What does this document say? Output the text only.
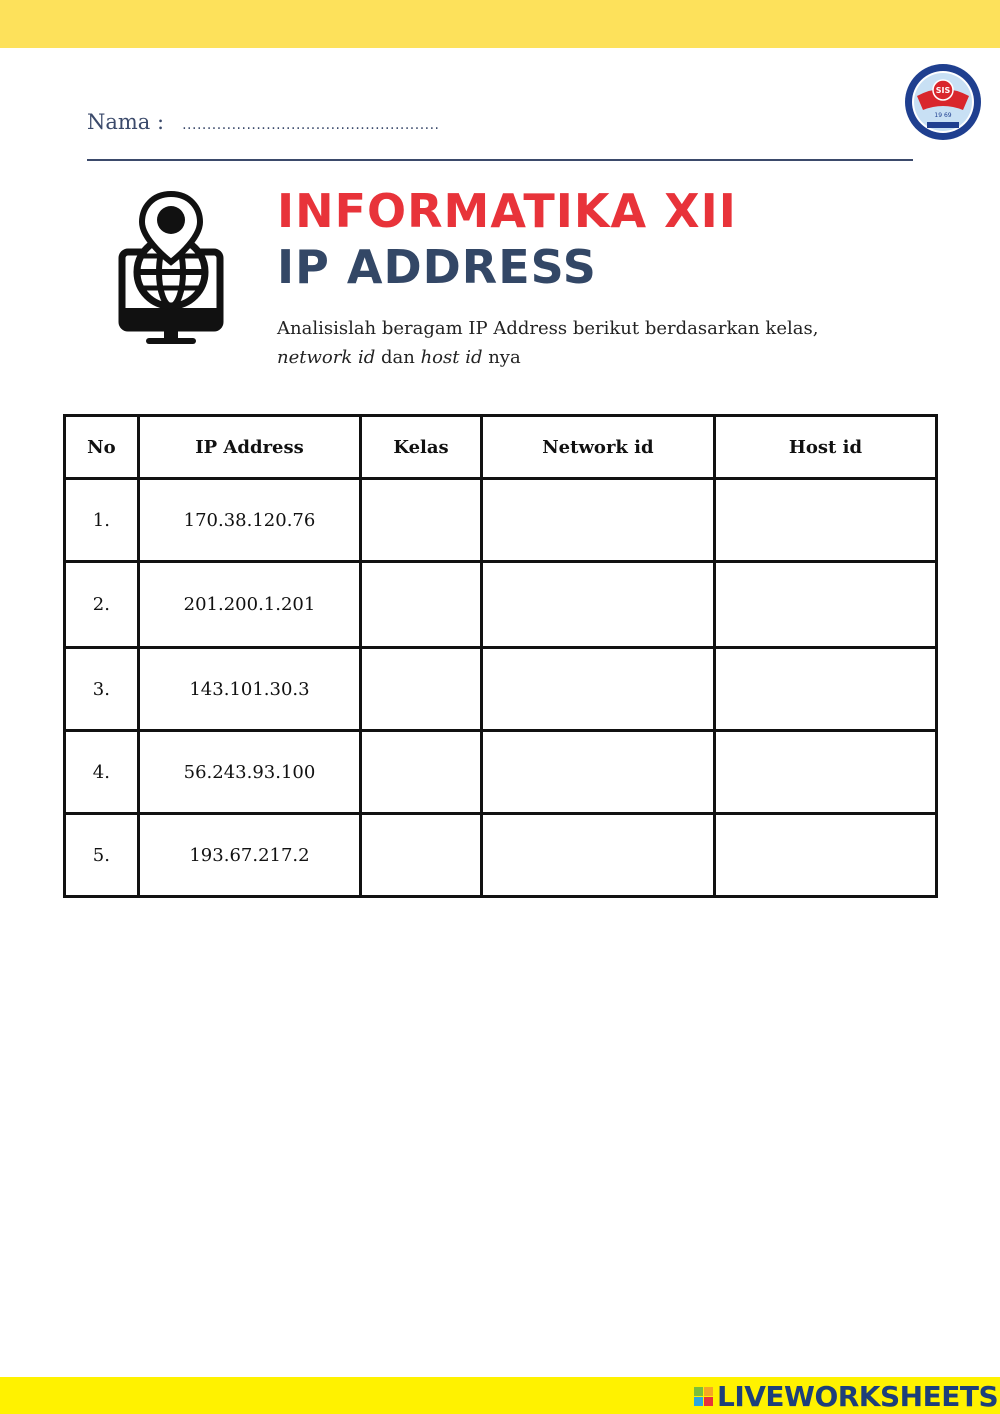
Nama : ....................................................
SIS
19 69
INFORMATIKA XII
IP ADDRESS
Analisislah beragam IP Address berikut berdasarkan kelas,
network id dan host id nya
No	IP Address	Kelas	Network id	Host id
1.	170.38.120.76			
2.	201.200.1.201			
3.	143.101.30.3			
4.	56.243.93.100			
5.	193.67.217.2			
LIVEWORKSHEETS
